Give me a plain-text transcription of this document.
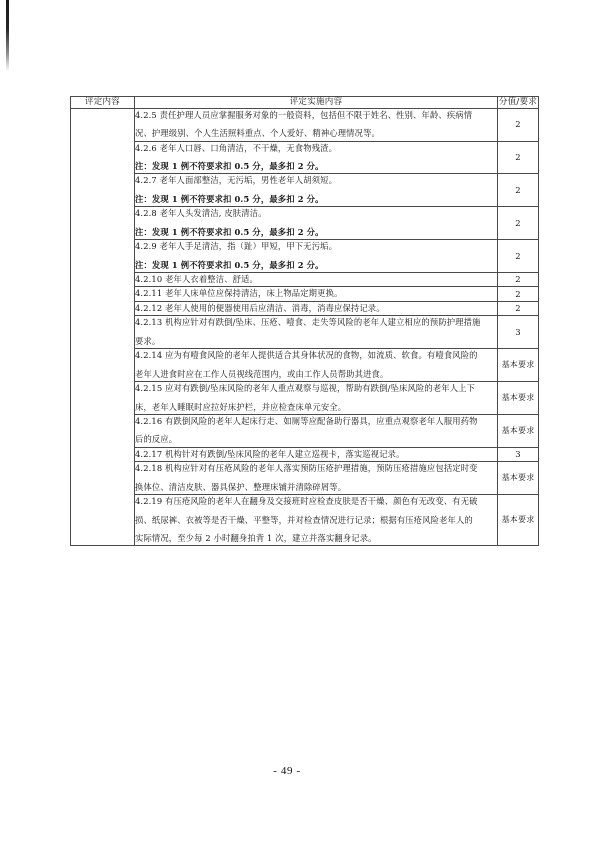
评定内容	评定实施内容	分值/要求

	4.2.5 责任护理人员应掌握服务对象的一般资料，包括但不限于姓名、性别、年龄、疾病情
况、护理级别、个人生活照料重点、个人爱好、精神心理情况等。	2

	4.2.6 老年人口唇、口角清洁，不干燥，无食物残渣。
注：发现 1 例不符要求扣 0.5 分，最多扣 2 分。	2

	4.2.7 老年人面部整洁，无污垢，男性老年人胡须短。
注：发现 1 例不符要求扣 0.5 分，最多扣 2 分。	2

	4.2.8 老年人头发清洁, 皮肤清洁。
注：发现 1 例不符要求扣 0.5 分，最多扣 2 分。	2

	4.2.9 老年人手足清洁，指（趾）甲短，甲下无污垢。
注：发现 1 例不符要求扣 0.5 分，最多扣 2 分。	2

	4.2.10 老年人衣着整洁、舒适。	2

	4.2.11 老年人床单位应保持清洁，床上物品定期更换。	2

	4.2.12 老年人使用的便器使用后应清洁、消毒，消毒应保持记录。	2

	4.2.13 机构应针对有跌倒/坠床、压疮、噎食、走失等风险的老年人建立相应的预防护理措施
要求。	3

	4.2.14 应为有噎食风险的老年人提供适合其身体状况的食物，如流质、软食。有噎食风险的
老年人进食时应在工作人员视线范围内，或由工作人员帮助其进食。	基本要求

	4.2.15 应对有跌倒/坠床风险的老年人重点观察与巡视，帮助有跌倒/坠床风险的老年人上下
床，老年人睡眠时应拉好床护栏，并应检查床单元安全。	基本要求

	4.2.16 有跌倒风险的老年人起床行走、如厕等应配备助行器具，应重点观察老年人服用药物
后的反应。	基本要求

	4.2.17 机构针对有跌倒/坠床风险的老年人建立巡视卡，落实巡视记录。	3

	4.2.18 机构应针对有压疮风险的老年人落实预防压疮护理措施，预防压疮措施应包括定时变
换体位、清洁皮肤、器具保护、整理床铺并清除碎屑等。	基本要求

	4.2.19 有压疮风险的老年人在翻身及交接班时应检查皮肤是否干燥、颜色有无改变、有无破
损、纸尿裤、衣被等是否干燥、平整等，并对检查情况进行记录；根据有压疮风险老年人的
实际情况，至少每 2 小时翻身拍背 1 次，建立并落实翻身记录。	基本要求
- 49 -
